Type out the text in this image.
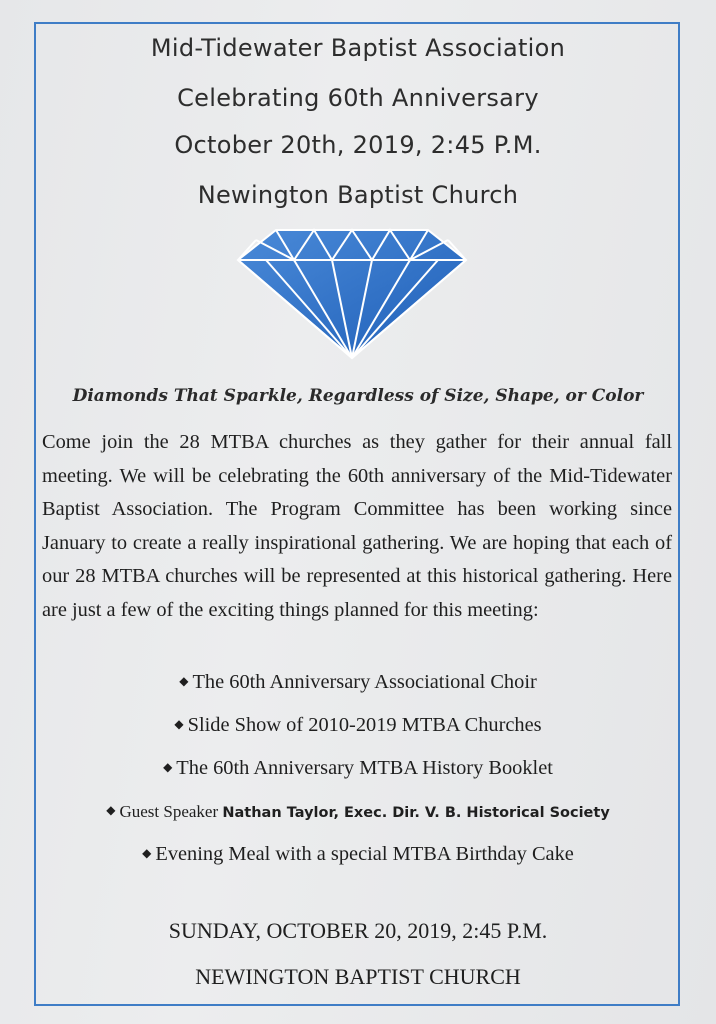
Mid-Tidewater Baptist Association
Celebrating 60th Anniversary
October 20th, 2019, 2:45 P.M.
Newington Baptist Church
Diamonds That Sparkle, Regardless of Size, Shape, or Color
Come join the 28 MTBA churches as they gather for their annual fall meeting. We will be celebrating the 60th anniversary of the Mid-Tidewater Baptist Association. The Program Committee has been working since January to create a really inspirational gathering. We are hoping that each of our 28 MTBA churches will be represented at this historical gathering. Here are just a few of the exciting things planned for this meeting:
◆ The 60th Anniversary Associational Choir
◆ Slide Show of 2010-2019 MTBA Churches
◆ The 60th Anniversary MTBA History Booklet
◆ Guest Speaker Nathan Taylor, Exec. Dir. V. B. Historical Society
◆ Evening Meal with a special MTBA Birthday Cake
SUNDAY, OCTOBER 20, 2019, 2:45 P.M.
NEWINGTON BAPTIST CHURCH
